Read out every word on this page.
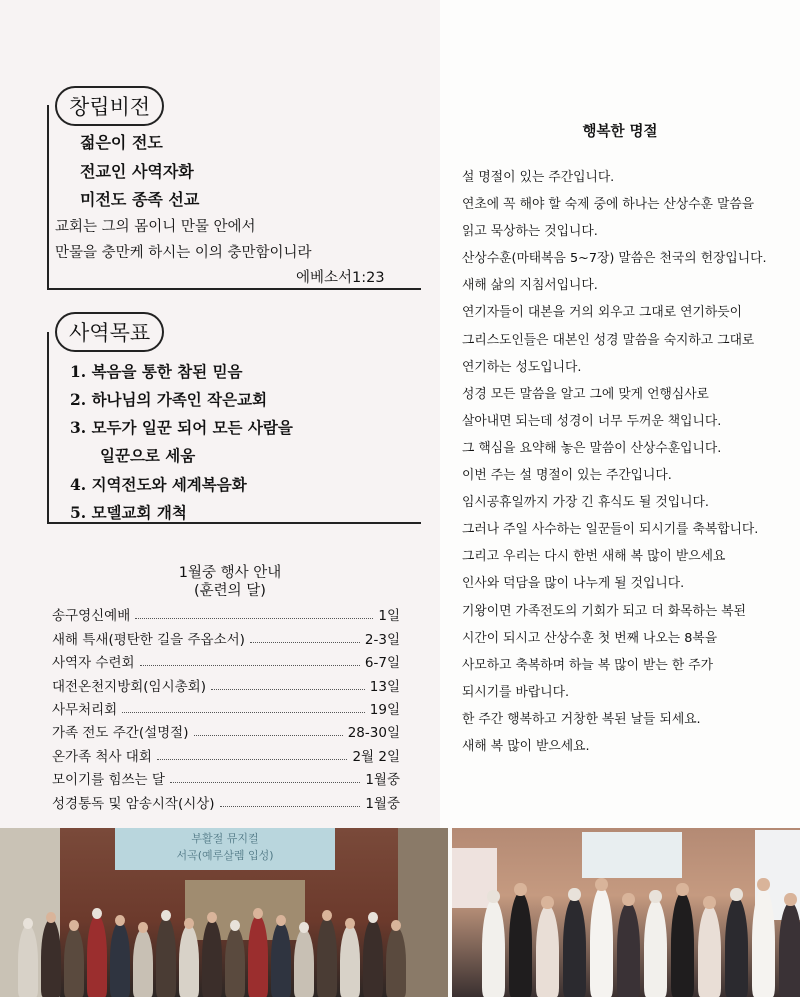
창립비전
젊은이 전도
전교인 사역자화
미전도 종족 선교
교회는 그의 몸이니 만물 안에서
만물을 충만케 하시는 이의 충만함이니라
에베소서1:23
사역목표
1. 복음을 통한 참된 믿음
2. 하나님의 가족인 작은교회
3. 모두가 일꾼 되어 모든 사람을
일꾼으로 세움
4. 지역전도와 세계복음화
5. 모델교회 개척
1월중 행사 안내
(훈련의 달)
송구영신예배	1일
새해 특새(평탄한 길을 주옵소서)	2-3일
사역자 수련회	6-7일
대전온천지방회(임시총회)	13일
사무처리회	19일
가족 전도 주간(설명절)	28-30일
온가족 척사 대회	2월 2일
모이기를 힘쓰는 달	1월중
성경통독 및 암송시작(시상)	1월중
행복한 명절
설 명절이 있는 주간입니다.
연초에 꼭 해야 할 숙제 중에 하나는 산상수훈 말씀을
읽고 묵상하는 것입니다.
산상수훈(마태복음 5~7장) 말씀은 천국의 헌장입니다.
새해 삶의 지침서입니다.
연기자들이 대본을 거의 외우고 그대로 연기하듯이
그리스도인들은 대본인 성경 말씀을 숙지하고 그대로
연기하는 성도입니다.
성경 모든 말씀을 알고 그에 맞게 언행심사로
살아내면 되는데 성경이 너무 두꺼운 책입니다.
그 핵심을 요약해 놓은 말씀이 산상수훈입니다.
이번 주는 설 명절이 있는 주간입니다.
임시공휴일까지 가장 긴 휴식도 될 것입니다.
그러나 주일 사수하는 일꾼들이 되시기를 축복합니다.
그리고 우리는 다시 한번 새해 복 많이 받으세요
인사와 덕담을 많이 나누게 될 것입니다.
기왕이면 가족전도의 기회가 되고 더 화목하는 복된
시간이 되시고 산상수훈 첫 번째 나오는 8복을
사모하고 축복하며 하늘 복 많이 받는 한 주가
되시기를 바랍니다.
한 주간 행복하고 거창한 복된 날들 되세요.
새해 복 많이 받으세요.
부활절 뮤지컬
서곡(예루살렘 입성)
